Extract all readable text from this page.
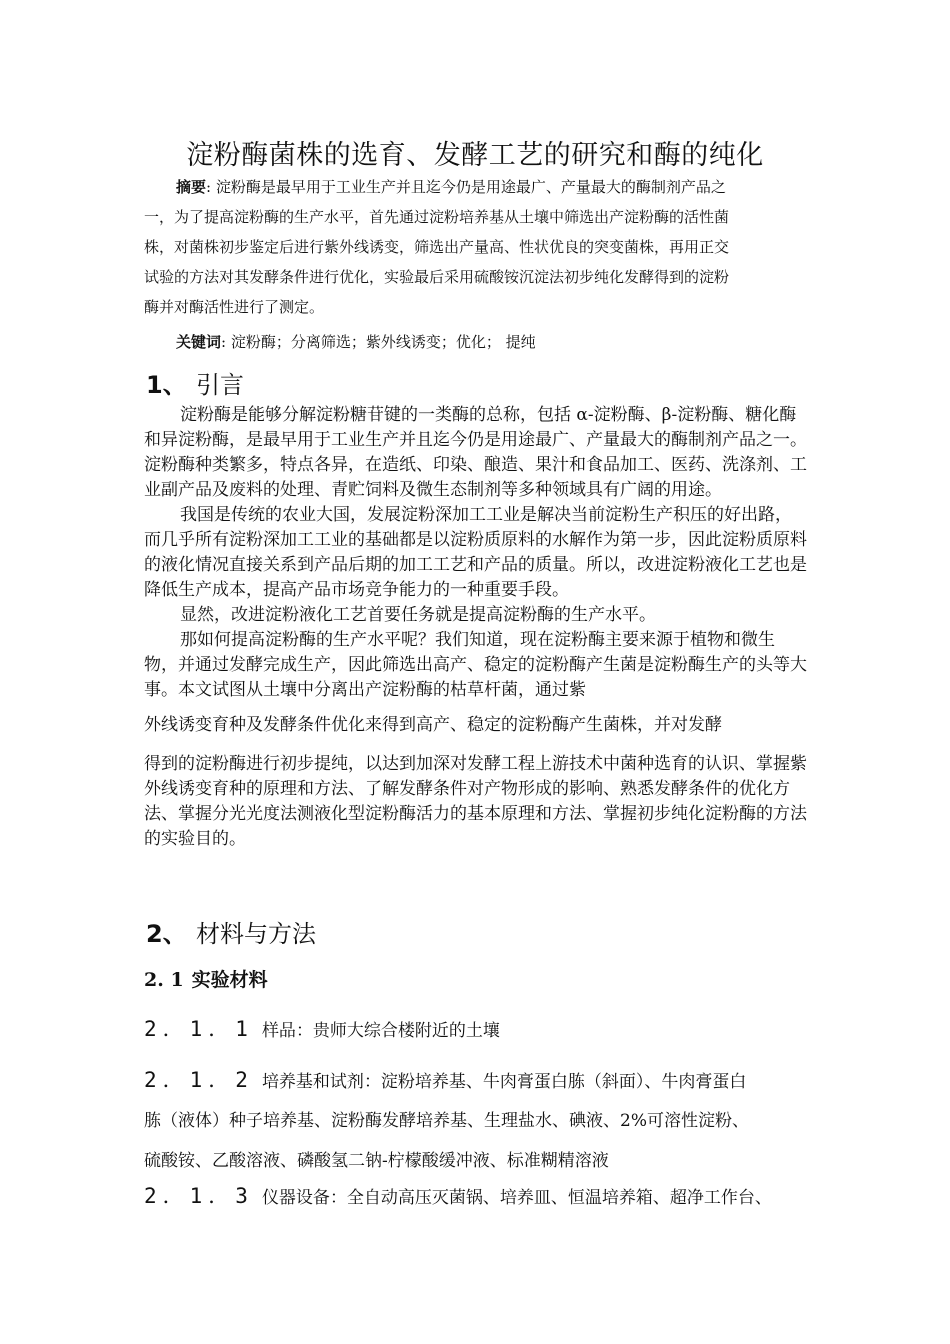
淀粉酶菌株的选育、发酵工艺的研究和酶的纯化
摘要: 淀粉酶是最早用于工业生产并且迄今仍是用途最广、产量最大的酶制剂产品之
一，为了提高淀粉酶的生产水平，首先通过淀粉培养基从土壤中筛选出产淀粉酶的活性菌
株，对菌株初步鉴定后进行紫外线诱变，筛选出产量高、性状优良的突变菌株，再用正交
试验的方法对其发酵条件进行优化，实验最后采用硫酸铵沉淀法初步纯化发酵得到的淀粉
酶并对酶活性进行了测定。
关键词: 淀粉酶；分离筛选；紫外线诱变；优化； 提纯
1、 引言

淀粉酶是能够分解淀粉糖苷键的一类酶的总称，包括 α-淀粉酶、β-淀粉酶、糖化酶和异淀粉酶，是最早用于工业生产并且迄今仍是用途最广、产量最大的酶制剂产品之一。淀粉酶种类繁多，特点各异，在造纸、印染、酿造、果汁和食品加工、医药、洗涤剂、工业副产品及废料的处理、青贮饲料及微生态制剂等多种领域具有广阔的用途。

我国是传统的农业大国，发展淀粉深加工工业是解决当前淀粉生产积压的好出路，而几乎所有淀粉深加工工业的基础都是以淀粉质原料的水解作为第一步，因此淀粉质原料的液化情况直接关系到产品后期的加工工艺和产品的质量。所以，改进淀粉液化工艺也是降低生产成本，提高产品市场竞争能力的一种重要手段。

显然，改进淀粉液化工艺首要任务就是提高淀粉酶的生产水平。

那如何提高淀粉酶的生产水平呢？我们知道，现在淀粉酶主要来源于植物和微生物，并通过发酵完成生产，因此筛选出高产、稳定的淀粉酶产生菌是淀粉酶生产的头等大事。本文试图从土壤中分离出产淀粉酶的枯草杆菌，通过紫

外线诱变育种及发酵条件优化来得到高产、稳定的淀粉酶产生菌株，并对发酵

得到的淀粉酶进行初步提纯，以达到加深对发酵工程上游技术中菌种选育的认识、掌握紫外线诱变育种的原理和方法、了解发酵条件对产物形成的影响、熟悉发酵条件的优化方法、掌握分光光度法测液化型淀粉酶活力的基本原理和方法、掌握初步纯化淀粉酶的方法的实验目的。

2、 材料与方法
2. 1 实验材料
2．1．1 样品：贵师大综合楼附近的土壤
2．1．2 培养基和试剂：淀粉培养基、牛肉膏蛋白胨（斜面）、牛肉膏蛋白
胨（液体）种子培养基、淀粉酶发酵培养基、生理盐水、碘液、2%可溶性淀粉、
硫酸铵、乙酸溶液、磷酸氢二钠-柠檬酸缓冲液、标准糊精溶液
2．1．3 仪器设备：全自动高压灭菌锅、培养皿、恒温培养箱、超净工作台、
